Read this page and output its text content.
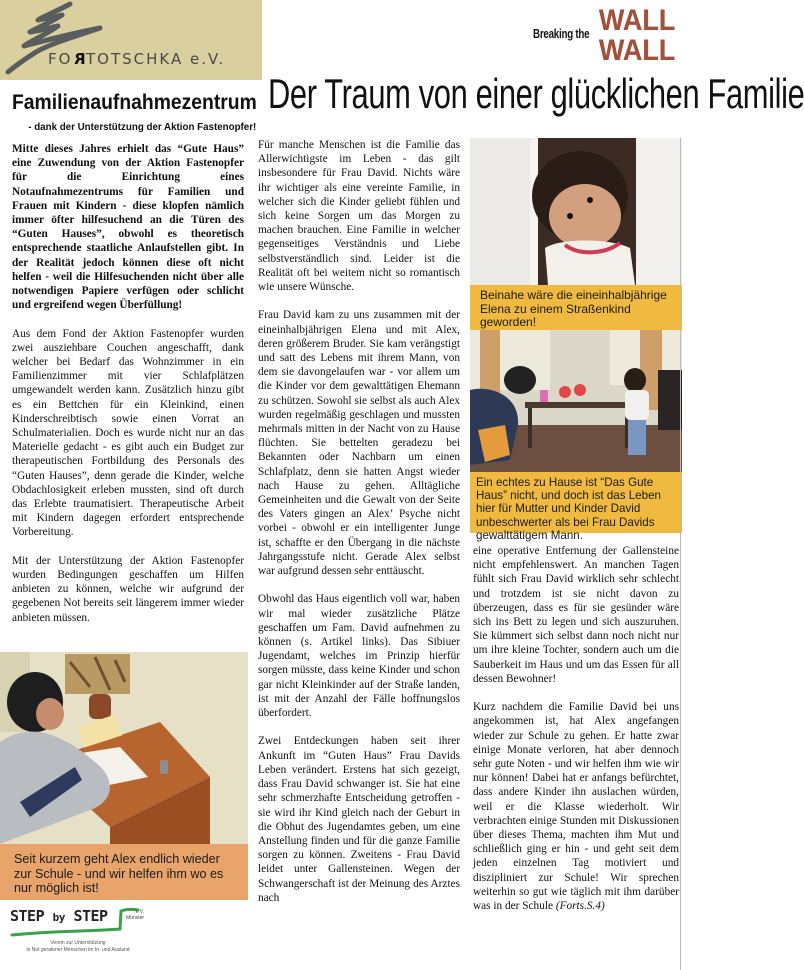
FORTOTSCHKA e.V.
Breaking the WALL
WALL
Der Traum von einer glücklichen Familie
Familienaufnahmezentrum
- dank der Unterstützung der Aktion Fastenopfer!

Mitte dieses Jahres erhielt das “Gute Haus” eine Zuwendung von der Aktion Fastenopfer für die Einrichtung eines Notaufnahmezentrums für Familien und Frauen mit Kindern - diese klopfen nämlich immer öfter hilfesuchend an die Türen des “Guten Hauses”, obwohl es theoretisch entsprechende staatliche Anlaufstellen gibt. In der Realität jedoch können diese oft nicht helfen - weil die Hilfesuchenden nicht über alle notwendigen Papiere verfügen oder schlicht und ergreifend wegen Überfüllung!

Aus dem Fond der Aktion Fastenopfer wurden zwei ausziehbare Couchen angeschafft, dank welcher bei Bedarf das Wohnzimmer in ein Familienzimmer mit vier Schlafplätzen umgewandelt werden kann. Zusätzlich hinzu gibt es ein Bettchen für ein Kleinkind, einen Kinderschreibtisch sowie einen Vorrat an Schulmaterialien. Doch es wurde nicht nur an das Materielle gedacht - es gibt auch ein Budget zur therapeutischen Fortbildung des Personals des “Guten Hauses”, denn gerade die Kinder, welche Obdachlosigkeit erleben mussten, sind oft durch das Erlebte traumatisiert. Therapeutische Arbeit mit Kindern dagegen erfordert entsprechende Vorbereitung.

Mit der Unterstützung der Aktion Fastenopfer wurden Bedingungen geschaffen um Hilfen anbieten zu können, welche wir aufgrund der gegebenen Not bereits seit längerem immer wieder anbieten müssen.

Seit kurzem geht Alex endlich wieder zur Schule - und wir helfen ihm wo es nur möglich ist!
STEP by STEP	e.V.
Münster
Verein zur Unterstützung
in Not geratener Menschen im In- und Ausland

Für manche Menschen ist die Familie das Allerwichtigste im Leben - das gilt insbesondere für Frau David. Nichts wäre ihr wichtiger als eine vereinte Familie, in welcher sich die Kinder geliebt fühlen und sich keine Sorgen um das Morgen zu machen brauchen. Eine Familie in welcher gegenseitiges Verständnis und Liebe selbstverständlich sind. Leider ist die Realität oft bei weitem nicht so romantisch wie unsere Wünsche.

Frau David kam zu uns zusammen mit der eineinhalbjährigen Elena und mit Alex, deren größerem Bruder. Sie kam verängstigt und satt des Lebens mit ihrem Mann, von dem sie davongelaufen war - vor allem um die Kinder vor dem gewalttätigen Ehemann zu schützen. Sowohl sie selbst als auch Alex wurden regelmäßig geschlagen und mussten mehrmals mitten in der Nacht von zu Hause flüchten. Sie bettelten geradezu bei Bekannten oder Nachbarn um einen Schlafplatz, denn sie hatten Angst wieder nach Hause zu gehen. Alltägliche Gemeinheiten und die Gewalt von der Seite des Vaters gingen an Alex’ Psyche nicht vorbei - obwohl er ein intelligenter Junge ist, schaffte er den Übergang in die nächste Jahrgangsstufe nicht. Gerade Alex selbst war aufgrund dessen sehr enttäuscht.

Obwohl das Haus eigentlich voll war, haben wir mal wieder zusätzliche Plätze geschaffen um Fam. David aufnehmen zu können (s. Artikel links). Das Sibiuer Jugendamt, welches im Prinzip hierfür sorgen müsste, dass keine Kinder und schon gar nicht Kleinkinder auf der Straße landen, ist mit der Anzahl der Fälle hoffnungslos überfordert.

Zwei Entdeckungen haben seit ihrer Ankunft im “Guten Haus” Frau Davids Leben verändert. Erstens hat sich gezeigt, dass Frau David schwanger ist. Sie hat eine sehr schmerzhafte Entscheidung getroffen - sie wird ihr Kind gleich nach der Geburt in die Obhut des Jugendamtes geben, um eine Anstellung finden und für die ganze Familie sorgen zu können. Zweitens - Frau David leidet unter Gallensteinen. Wegen der Schwangerschaft ist der Meinung des Arztes nach

Beinahe wäre die eineinhalbjährige Elena zu einem Straßenkind geworden!
Ein echtes zu Hause ist “Das Gute Haus” nicht, und doch ist das Leben hier für Mutter und Kinder David unbeschwerter als bei Frau Davids gewalttätigem Mann.

eine operative Entfernung der Gallensteine nicht empfehlenswert. An manchen Tagen fühlt sich Frau David wirklich sehr schlecht und trotzdem ist sie nicht davon zu überzeugen, dass es für sie gesünder wäre sich ins Bett zu legen und sich auszuruhen. Sie kümmert sich selbst dann noch nicht nur um ihre kleine Tochter, sondern auch um die Sauberkeit im Haus und um das Essen für all dessen Bewohner!

Kurz nachdem die Familie David bei uns angekommen ist, hat Alex angefangen wieder zur Schule zu gehen. Er hatte zwar einige Monate verloren, hat aber dennoch sehr gute Noten - und wir helfen ihm wie wir nur können! Dabei hat er anfangs befürchtet, dass andere Kinder ihn auslachen würden, weil er die Klasse wiederholt. Wir verbrachten einige Stunden mit Diskussionen über dieses Thema, machten ihm Mut und schließlich ging er hin - und geht seit dem jeden einzelnen Tag motiviert und diszipliniert zur Schule! Wir sprechen weiterhin so gut wie täglich mit ihm darüber was in der Schule (Forts.S.4)
